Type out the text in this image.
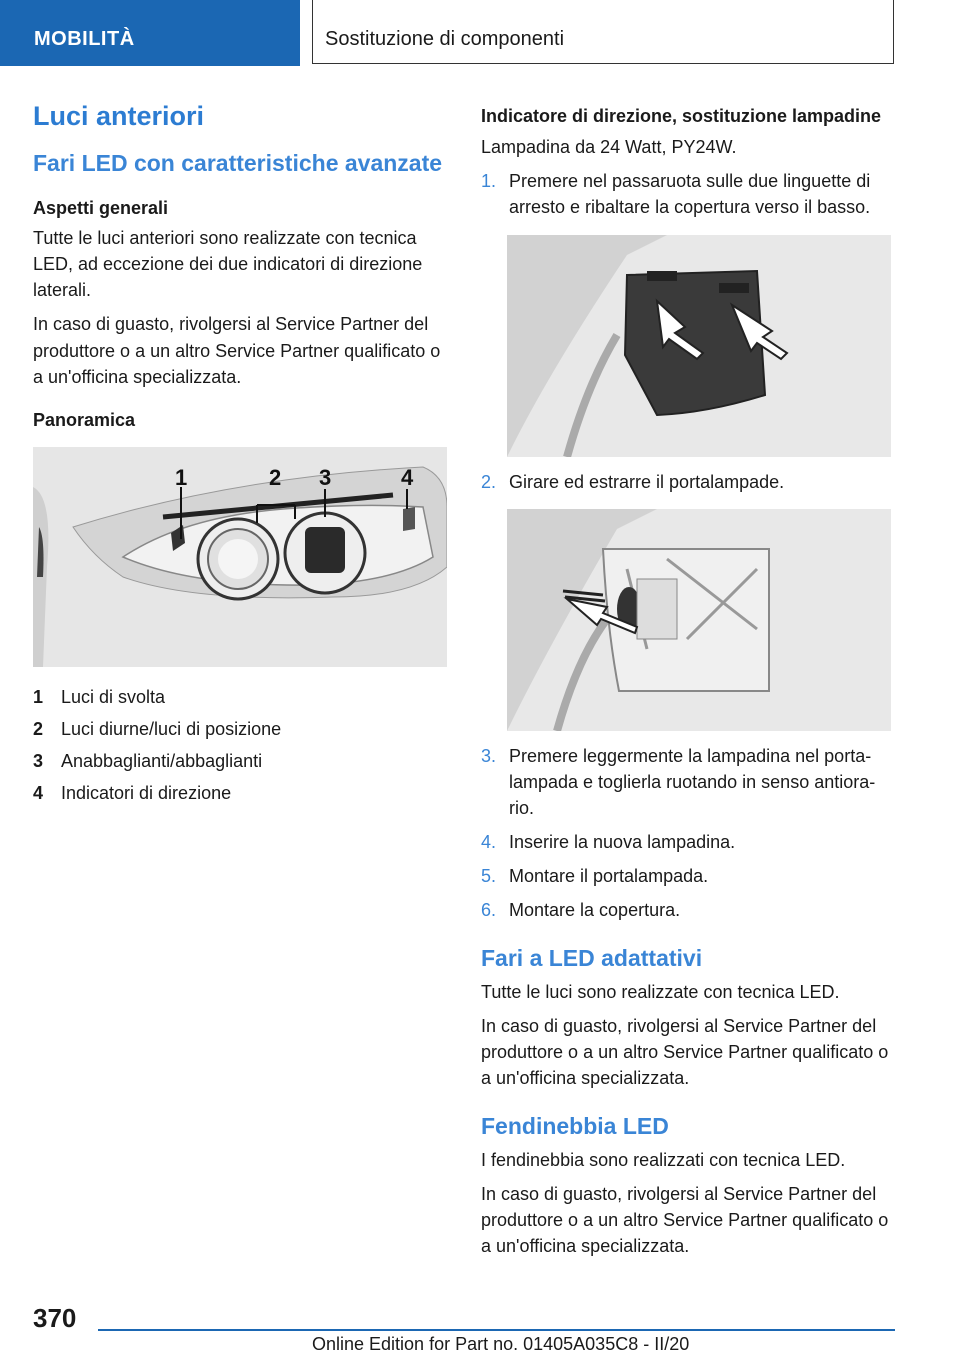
MOBILITÀ	Sostituzione di componenti
Luci anteriori
Fari LED con caratteristiche avanzate
Aspetti generali

Tutte le luci anteriori sono realizzate con tecnica LED, ad eccezione dei due indicatori di direzione laterali.

In caso di guasto, rivolgersi al Service Partner del produttore o a un altro Service Partner qualificato o a un'officina specializzata.

Panoramica
1	2 3	4
1 Luci di svolta
2 Luci diurne/luci di posizione
3 Anabbaglianti/abbaglianti
4 Indicatori di direzione
Indicatore di direzione, sostituzione lampadine

Lampadina da 24 Watt, PY24W.

1. Premere nel passaruota sulle due linguette di arresto e ribaltare la copertura verso il basso.
2. Girare ed estrarre il portalampade.
3. Premere leggermente la lampadina nel porta‐lampada e toglierla ruotando in senso antiora‐rio.
4. Inserire la nuova lampadina.
5. Montare il portalampada.
6. Montare la copertura.
Fari a LED adattativi

Tutte le luci sono realizzate con tecnica LED.

In caso di guasto, rivolgersi al Service Partner del produttore o a un altro Service Partner qualificato o a un'officina specializzata.

Fendinebbia LED

I fendinebbia sono realizzati con tecnica LED.

In caso di guasto, rivolgersi al Service Partner del produttore o a un altro Service Partner qualificato o a un'officina specializzata.

370
Online Edition for Part no. 01405A035C8 - II/20
